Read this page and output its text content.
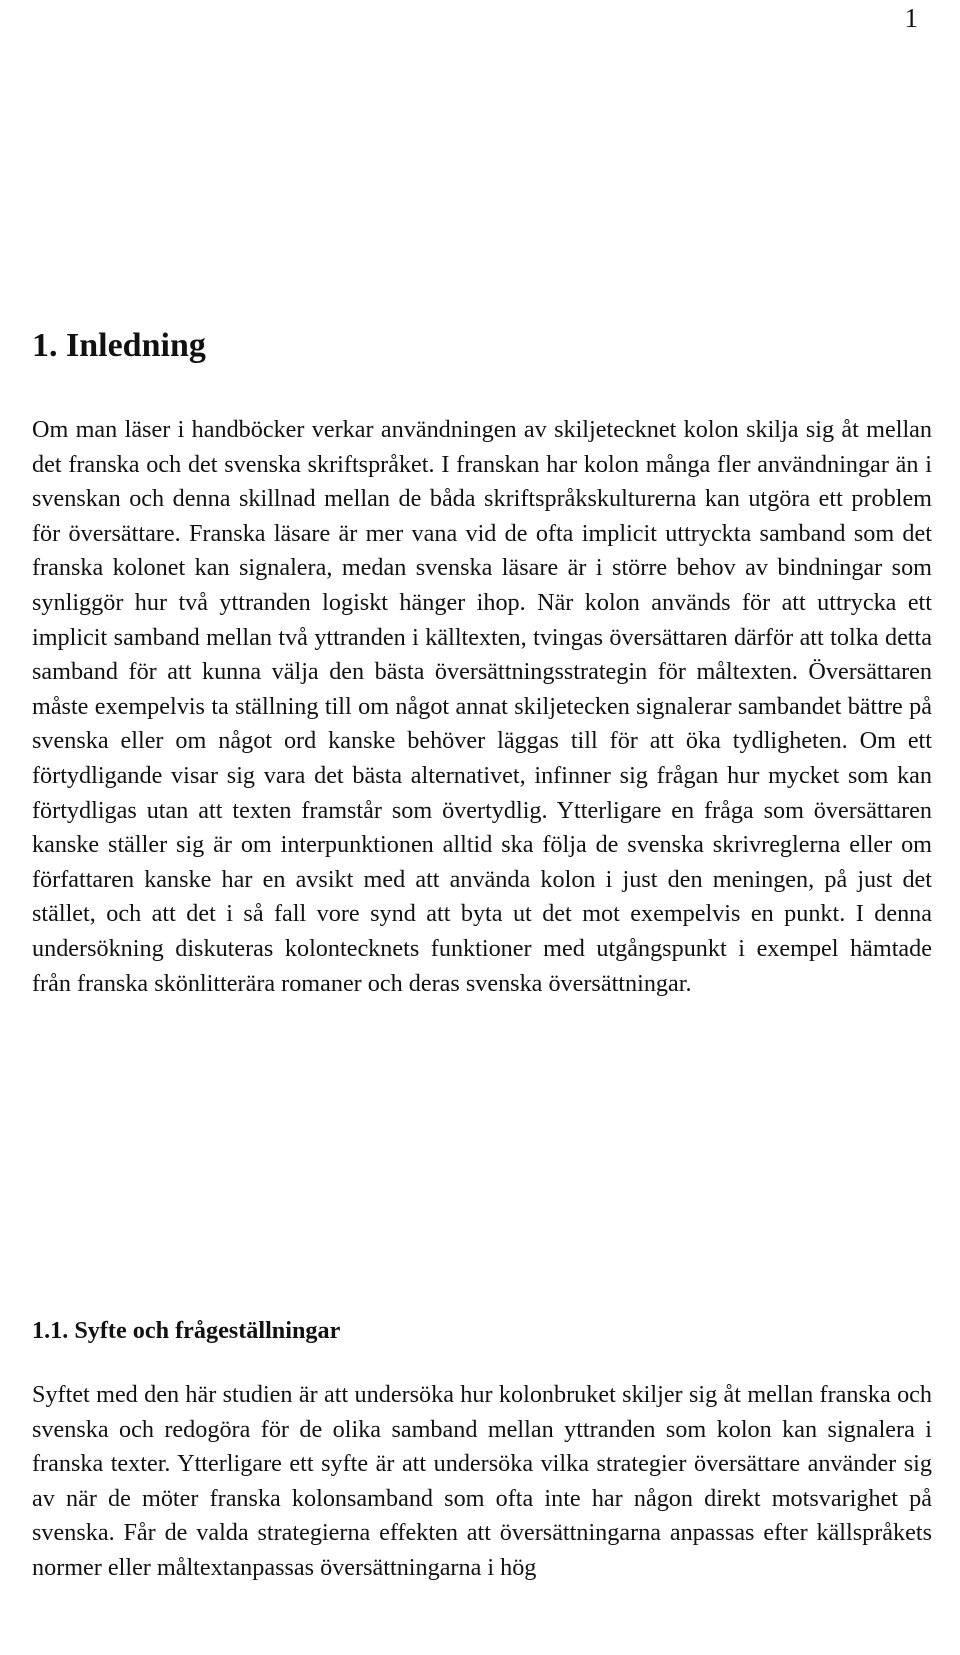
1
1. Inledning

Om man läser i handböcker verkar användningen av skiljetecknet kolon skilja sig åt mellan det franska och det svenska skriftspråket. I franskan har kolon många fler användningar än i svenskan och denna skillnad mellan de båda skriftspråkskulturerna kan utgöra ett problem för översättare. Franska läsare är mer vana vid de ofta implicit uttryckta samband som det franska kolonet kan signalera, medan svenska läsare är i större behov av bindningar som synliggör hur två yttranden logiskt hänger ihop. När kolon används för att uttrycka ett implicit samband mellan två yttranden i källtexten, tvingas översättaren därför att tolka detta samband för att kunna välja den bästa översättningsstrategin för måltexten. Översättaren måste exempelvis ta ställning till om något annat skiljetecken signalerar sambandet bättre på svenska eller om något ord kanske behöver läggas till för att öka tydligheten. Om ett förtydligande visar sig vara det bästa alternativet, infinner sig frågan hur mycket som kan förtydligas utan att texten framstår som övertydlig. Ytterligare en fråga som översättaren kanske ställer sig är om interpunktionen alltid ska följa de svenska skrivreglerna eller om författaren kanske har en avsikt med att använda kolon i just den meningen, på just det stället, och att det i så fall vore synd att byta ut det mot exempelvis en punkt. I denna undersökning diskuteras kolontecknets funktioner med utgångspunkt i exempel hämtade från franska skönlitterära romaner och deras svenska översättningar.

1.1. Syfte och frågeställningar

Syftet med den här studien är att undersöka hur kolonbruket skiljer sig åt mellan franska och svenska och redogöra för de olika samband mellan yttranden som kolon kan signalera i franska texter. Ytterligare ett syfte är att undersöka vilka strategier översättare använder sig av när de möter franska kolonsamband som ofta inte har någon direkt motsvarighet på svenska. Får de valda strategierna effekten att översättningarna anpassas efter källspråkets normer eller måltextanpassas översättningarna i hög
